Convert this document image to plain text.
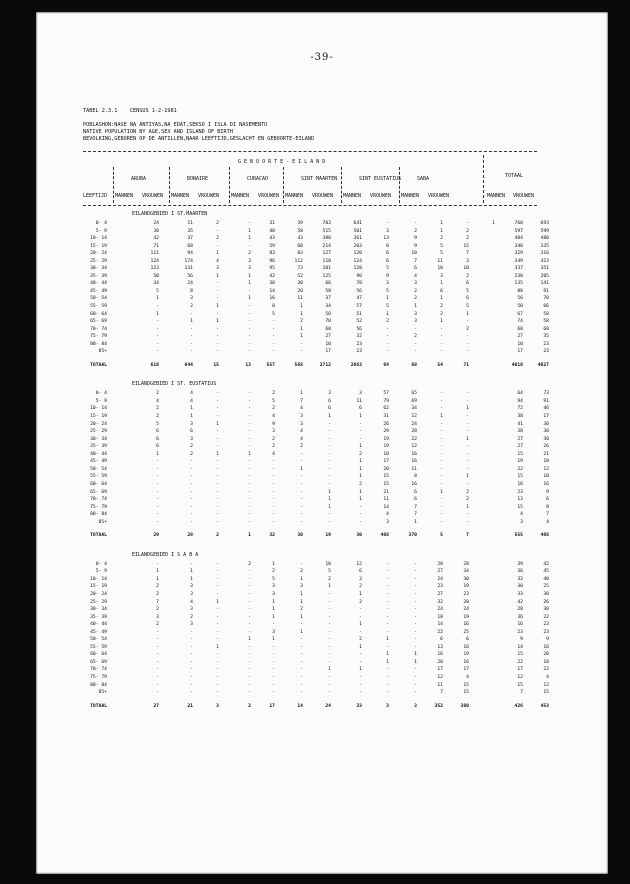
-39-
TABEL 2.3.1 CENSUS 1-2-1981

POBLASHON:NASE NA ANTIYAS,NA EDAT,SEKSO I ISLA DI NASEMENTU
NATIVE POPULATION BY AGE,SEX AND ISLAND OF BIRTH
BEVOLKING,GEBOREN OP DE ANTILLEN,NAAR LEEFTIJD,GESLACHT EN GEBOORTE-EILAND
G E B O O R T E - E I L A N D
TOTAAL
LEEFTIJD
ARUBA
MANNEN VROUWEN
BONAIRE
MANNEN VROUWEN
CURACAO
MANNEN VROUWEN
SINT MAARTEN
MANNEN VROUWEN
SINT EUSTATIUS
MANNEN VROUWEN
SABA
MANNEN VROUWEN	MANNEN VROUWEN
EILANDGEBIED I ST.MAARTEN
0- 4	24	11	2	-	31	39	703	641	-	-	1	-	1	760	693
5- 9	30	35	-	1	48	58	515	501	3	2	1	2	597	599
10- 14	42	37	2	1	43	43	380	361	13	9	2	2	484	480
15- 19	71	68	-	-	59	60	214	203	8	9	5	15	348	335
20- 24	111	94	1	2	83	83	127	120	6	10	5	7	329	316
25- 29	124	174	4	3	96	112	110	124	6	7	11	3	349	423
30- 34	123	131	3	3	95	73	101	128	5	6	10	10	337	351
35- 39	50	56	1	1	42	52	125	90	9	4	3	2	230	205
40- 44	34	24	-	1	30	30	66	78	3	3	1	6	135	141
45- 49	5	8	-	-	14	20	58	56	5	2	6	5	88	91
50- 54	1	3	-	1	16	11	37	47	1	2	1	6	56	70
55- 59	-	2	1	-	8	1	34	57	5	1	2	5	50	66
60- 64	1	-	-	-	5	1	58	51	1	3	2	1	67	58
65- 69	-	1	1	-	-	2	70	52	2	3	1	-	74	58
70- 74	-	-	-	-	-	1	60	56	-	-	-	2	60	60
75- 79	-	-	-	-	-	1	27	32	-	2	-	-	27	35
80- 84	-	-	-	-	-	-	10	23	-	-	-	-	10	23
85+	-	-	-	-	-	-	17	23	-	-	-	-	17	23
TOTAAL	616	644	15	13	557	568	2712	2663	64	68	54	71	4018	4027
EILANDGEBIED I ST. EUSTATIUS
0- 4	2	4	-	-	2	1	3	3	57	65	-	-	64	73
5- 9	4	4	-	-	5	7	6	11	79	69	-	-	94	91
10- 14	2	1	-	-	2	4	6	6	62	34	-	1	72	46
15- 19	2	1	-	-	4	3	1	1	31	12	1	-	38	17
20- 24	5	3	1	-	9	3	-	-	26	24	-	-	41	30
25- 29	6	6	-	-	3	4	-	-	29	28	-	-	38	38
30- 34	6	3	-	-	2	4	-	-	19	22	-	1	27	30
35- 39	6	2	-	-	2	2	-	1	19	12	-	-	27	26
40- 44	1	2	1	1	4	-	-	2	10	16	-	-	15	21
45- 49	-	-	-	-	-	-	-	1	17	16	-	-	19	18
50- 54	-	-	-	-	-	1	-	1	20	11	-	-	22	12
55- 59	-	-	-	-	-	-	-	1	15	8	-	1	15	10
60- 64	-	-	-	-	-	-	-	2	15	16	-	-	16	16
65- 69	-	-	-	-	-	-	1	1	21	6	1	2	23	9
70- 74	-	-	-	-	-	-	1	1	11	6	-	2	13	6
75- 79	-	-	-	-	-	-	1	-	14	7	-	1	15	8
80- 84	-	-	-	-	-	-	-	-	4	7	-	-	4	7
85+	-	-	-	-	-	-	-	-	3	1	-	-	3	4
TOTAAL	29	28	2	1	32	30	19	30	468	370	5	7	555	466
EILANDGEBIED I S A B A
0- 4	-	-	-	2	1	-	10	12	-	-	28	28	39	42
5- 9	1	1	-	-	2	2	5	6	-	-	27	34	36	45
10- 14	1	1	-	-	5	1	2	3	-	-	24	30	32	40
15- 19	2	3	-	-	3	3	1	2	-	-	23	19	30	25
20- 24	2	3	-	-	3	1	-	1	-	-	27	23	33	30
25- 29	7	4	1	-	1	1	-	2	-	-	32	20	42	26
30- 34	2	3	-	-	1	2	-	-	-	-	24	24	28	30
35- 39	3	2	-	-	1	1	-	-	-	-	18	19	36	22
40- 44	2	3	-	-	-	-	-	1	-	-	14	16	16	23
45- 49	-	-	-	-	3	1	-	-	-	-	22	25	23	23
50- 54	-	-	-	1	1	-	-	2	1	-	6	6	9	9
55- 59	-	-	1	-	-	-	-	1	-	-	13	16	14	16
60- 64	-	-	-	-	-	-	-	-	1	1	16	19	15	20
65- 69	-	-	-	-	-	-	-	-	1	1	20	16	22	18
70- 74	-	-	-	-	-	-	1	1	-	-	17	17	17	22
75- 79	-	-	-	-	-	-	-	-	-	-	12	4	12	4
80- 84	-	-	-	-	-	-	-	-	-	-	11	15	15	12
85+	-	-	-	-	-	-	-	-	-	-	7	15	7	15
TOTAAL	27	21	3	2	17	14	24	33	3	3	352	380	426	453
